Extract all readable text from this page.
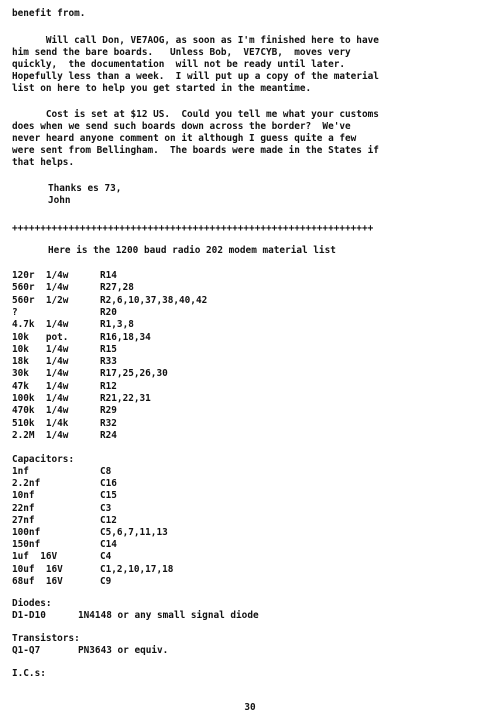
benefit from.
Will call Don, VE7AOG, as soon as I'm finished here to have
him send the bare boards.   Unless Bob,  VE7CYB,  moves very
quickly,  the documentation  will not be ready until later.
Hopefully less than a week.  I will put up a copy of the material
list on here to help you get started in the meantime.
Cost is set at $12 US.  Could you tell me what your customs
does when we send such boards down across the border?  We've
never heard anyone comment on it although I guess quite a few
were sent from Bellingham.  The boards were made in the States if
that helps.
Thanks es 73,
John
++++++++++++++++++++++++++++++++++++++++++++++++++++++++++++++++
Here is the 1200 baud radio 202 modem material list
120r  1/4w	R14
560r  1/4w	R27,28
560r  1/2w	R2,6,10,37,38,40,42
?	R20
4.7k  1/4w	R1,3,8
10k   pot.	R16,18,34
10k   1/4w	R15
18k   1/4w	R33
30k   1/4w	R17,25,26,30
47k   1/4w	R12
100k  1/4w	R21,22,31
470k  1/4w	R29
510k  1/4k	R32
2.2M  1/4w	R24
Capacitors:
1nf	C8
2.2nf	C16
10nf	C15
22nf	C3
27nf	C12
100nf	C5,6,7,11,13
150nf	C14
1uf  16V	C4
10uf  16V	C1,2,10,17,18
68uf  16V	C9
Diodes:
D1-D10	1N4148 or any small signal diode
Transistors:
Q1-Q7	PN3643 or equiv.
I.C.s:
30
